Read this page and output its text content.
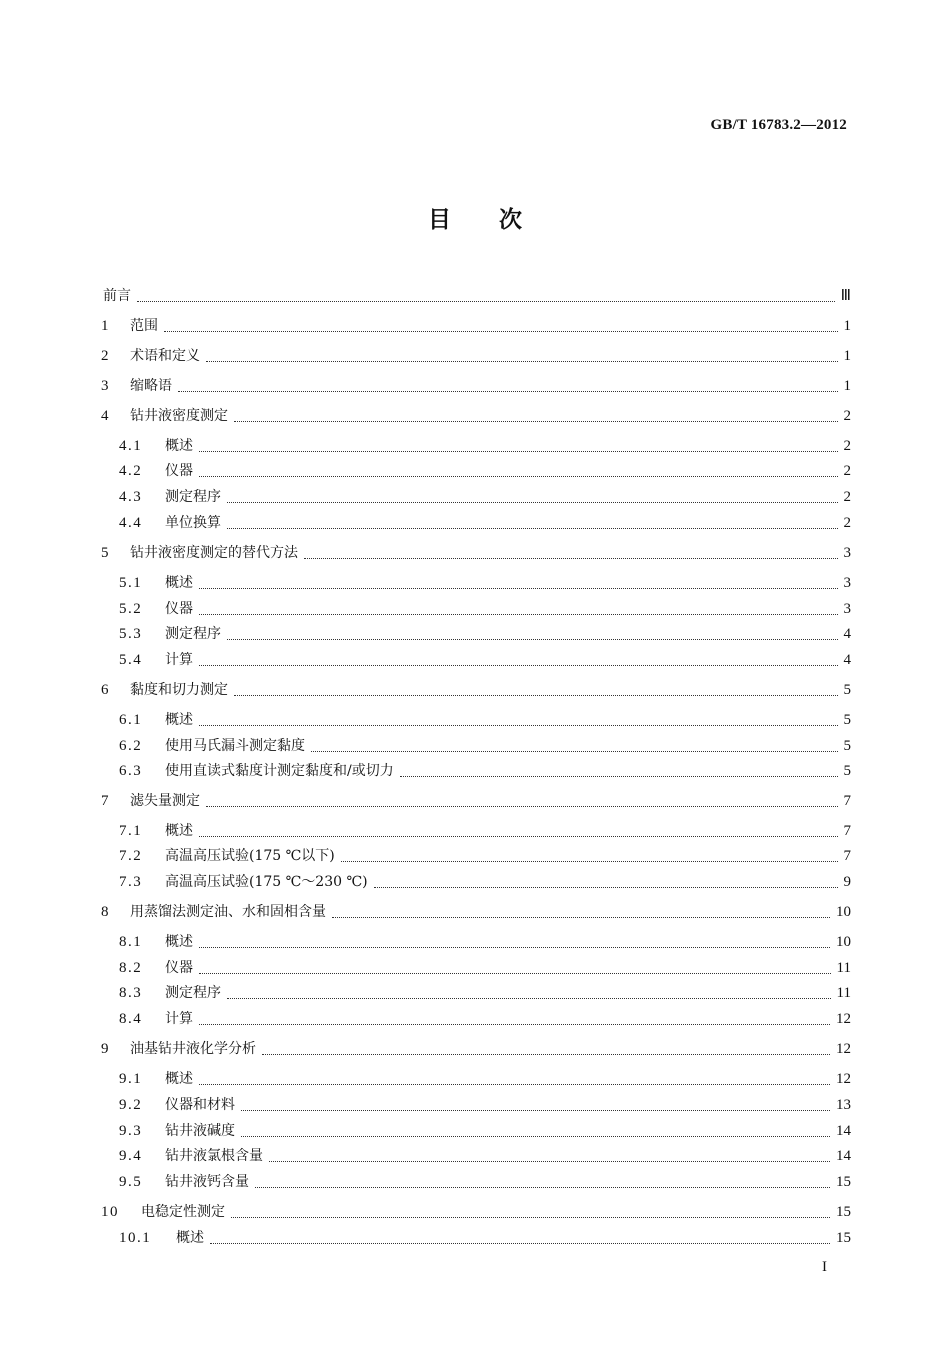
GB/T 16783.2—2012
目 次
前言	Ⅲ
1	范围	1
2	术语和定义	1
3	缩略语	1
4	钻井液密度测定	2
4.1	概述	2
4.2	仪器	2
4.3	测定程序	2
4.4	单位换算	2
5	钻井液密度测定的替代方法	3
5.1	概述	3
5.2	仪器	3
5.3	测定程序	4
5.4	计算	4
6	黏度和切力测定	5
6.1	概述	5
6.2	使用马氏漏斗测定黏度	5
6.3	使用直读式黏度计测定黏度和/或切力	5
7	滤失量测定	7
7.1	概述	7
7.2	高温高压试验(175 ℃以下)	7
7.3	高温高压试验(175 ℃～230 ℃)	9
8	用蒸馏法测定油、水和固相含量	10
8.1	概述	10
8.2	仪器	11
8.3	测定程序	11
8.4	计算	12
9	油基钻井液化学分析	12
9.1	概述	12
9.2	仪器和材料	13
9.3	钻井液碱度	14
9.4	钻井液氯根含量	14
9.5	钻井液钙含量	15
10	电稳定性测定	15
10.1	概述	15
I
